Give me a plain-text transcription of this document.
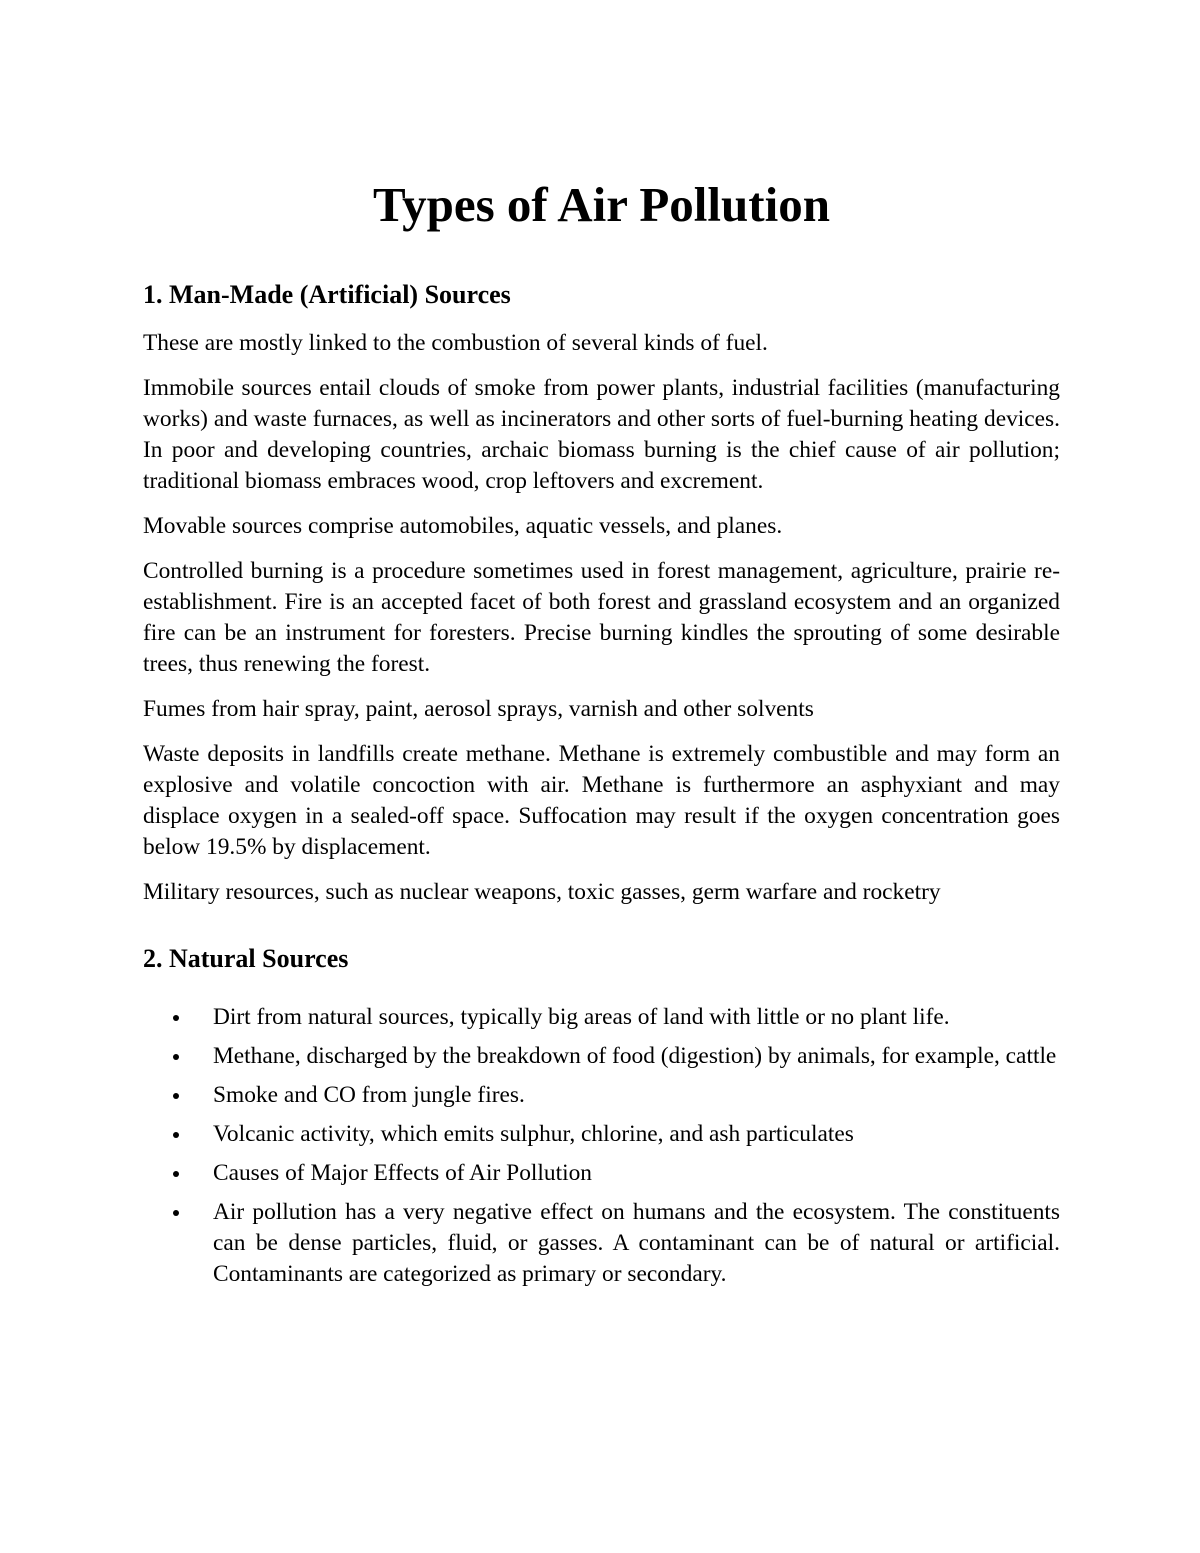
Types of Air Pollution
1. Man-Made (Artificial) Sources

These are mostly linked to the combustion of several kinds of fuel.

Immobile sources entail clouds of smoke from power plants, industrial facilities (manufacturing works) and waste furnaces, as well as incinerators and other sorts of fuel-burning heating devices. In poor and developing countries, archaic biomass burning is the chief cause of air pollution; traditional biomass embraces wood, crop leftovers and excrement.

Movable sources comprise automobiles, aquatic vessels, and planes.

Controlled burning is a procedure sometimes used in forest management, agriculture, prairie re-establishment. Fire is an accepted facet of both forest and grassland ecosystem and an organized fire can be an instrument for foresters. Precise burning kindles the sprouting of some desirable trees, thus renewing the forest.

Fumes from hair spray, paint, aerosol sprays, varnish and other solvents

Waste deposits in landfills create methane. Methane is extremely combustible and may form an explosive and volatile concoction with air. Methane is furthermore an asphyxiant and may displace oxygen in a sealed-off space. Suffocation may result if the oxygen concentration goes below 19.5% by displacement.

Military resources, such as nuclear weapons, toxic gasses, germ warfare and rocketry

2. Natural Sources
Dirt from natural sources, typically big areas of land with little or no plant life.
Methane, discharged by the breakdown of food (digestion) by animals, for example, cattle
Smoke and CO from jungle fires.
Volcanic activity, which emits sulphur, chlorine, and ash particulates
Causes of Major Effects of Air Pollution
Air pollution has a very negative effect on humans and the ecosystem. The constituents can be dense particles, fluid, or gasses. A contaminant can be of natural or artificial. Contaminants are categorized as primary or secondary.
